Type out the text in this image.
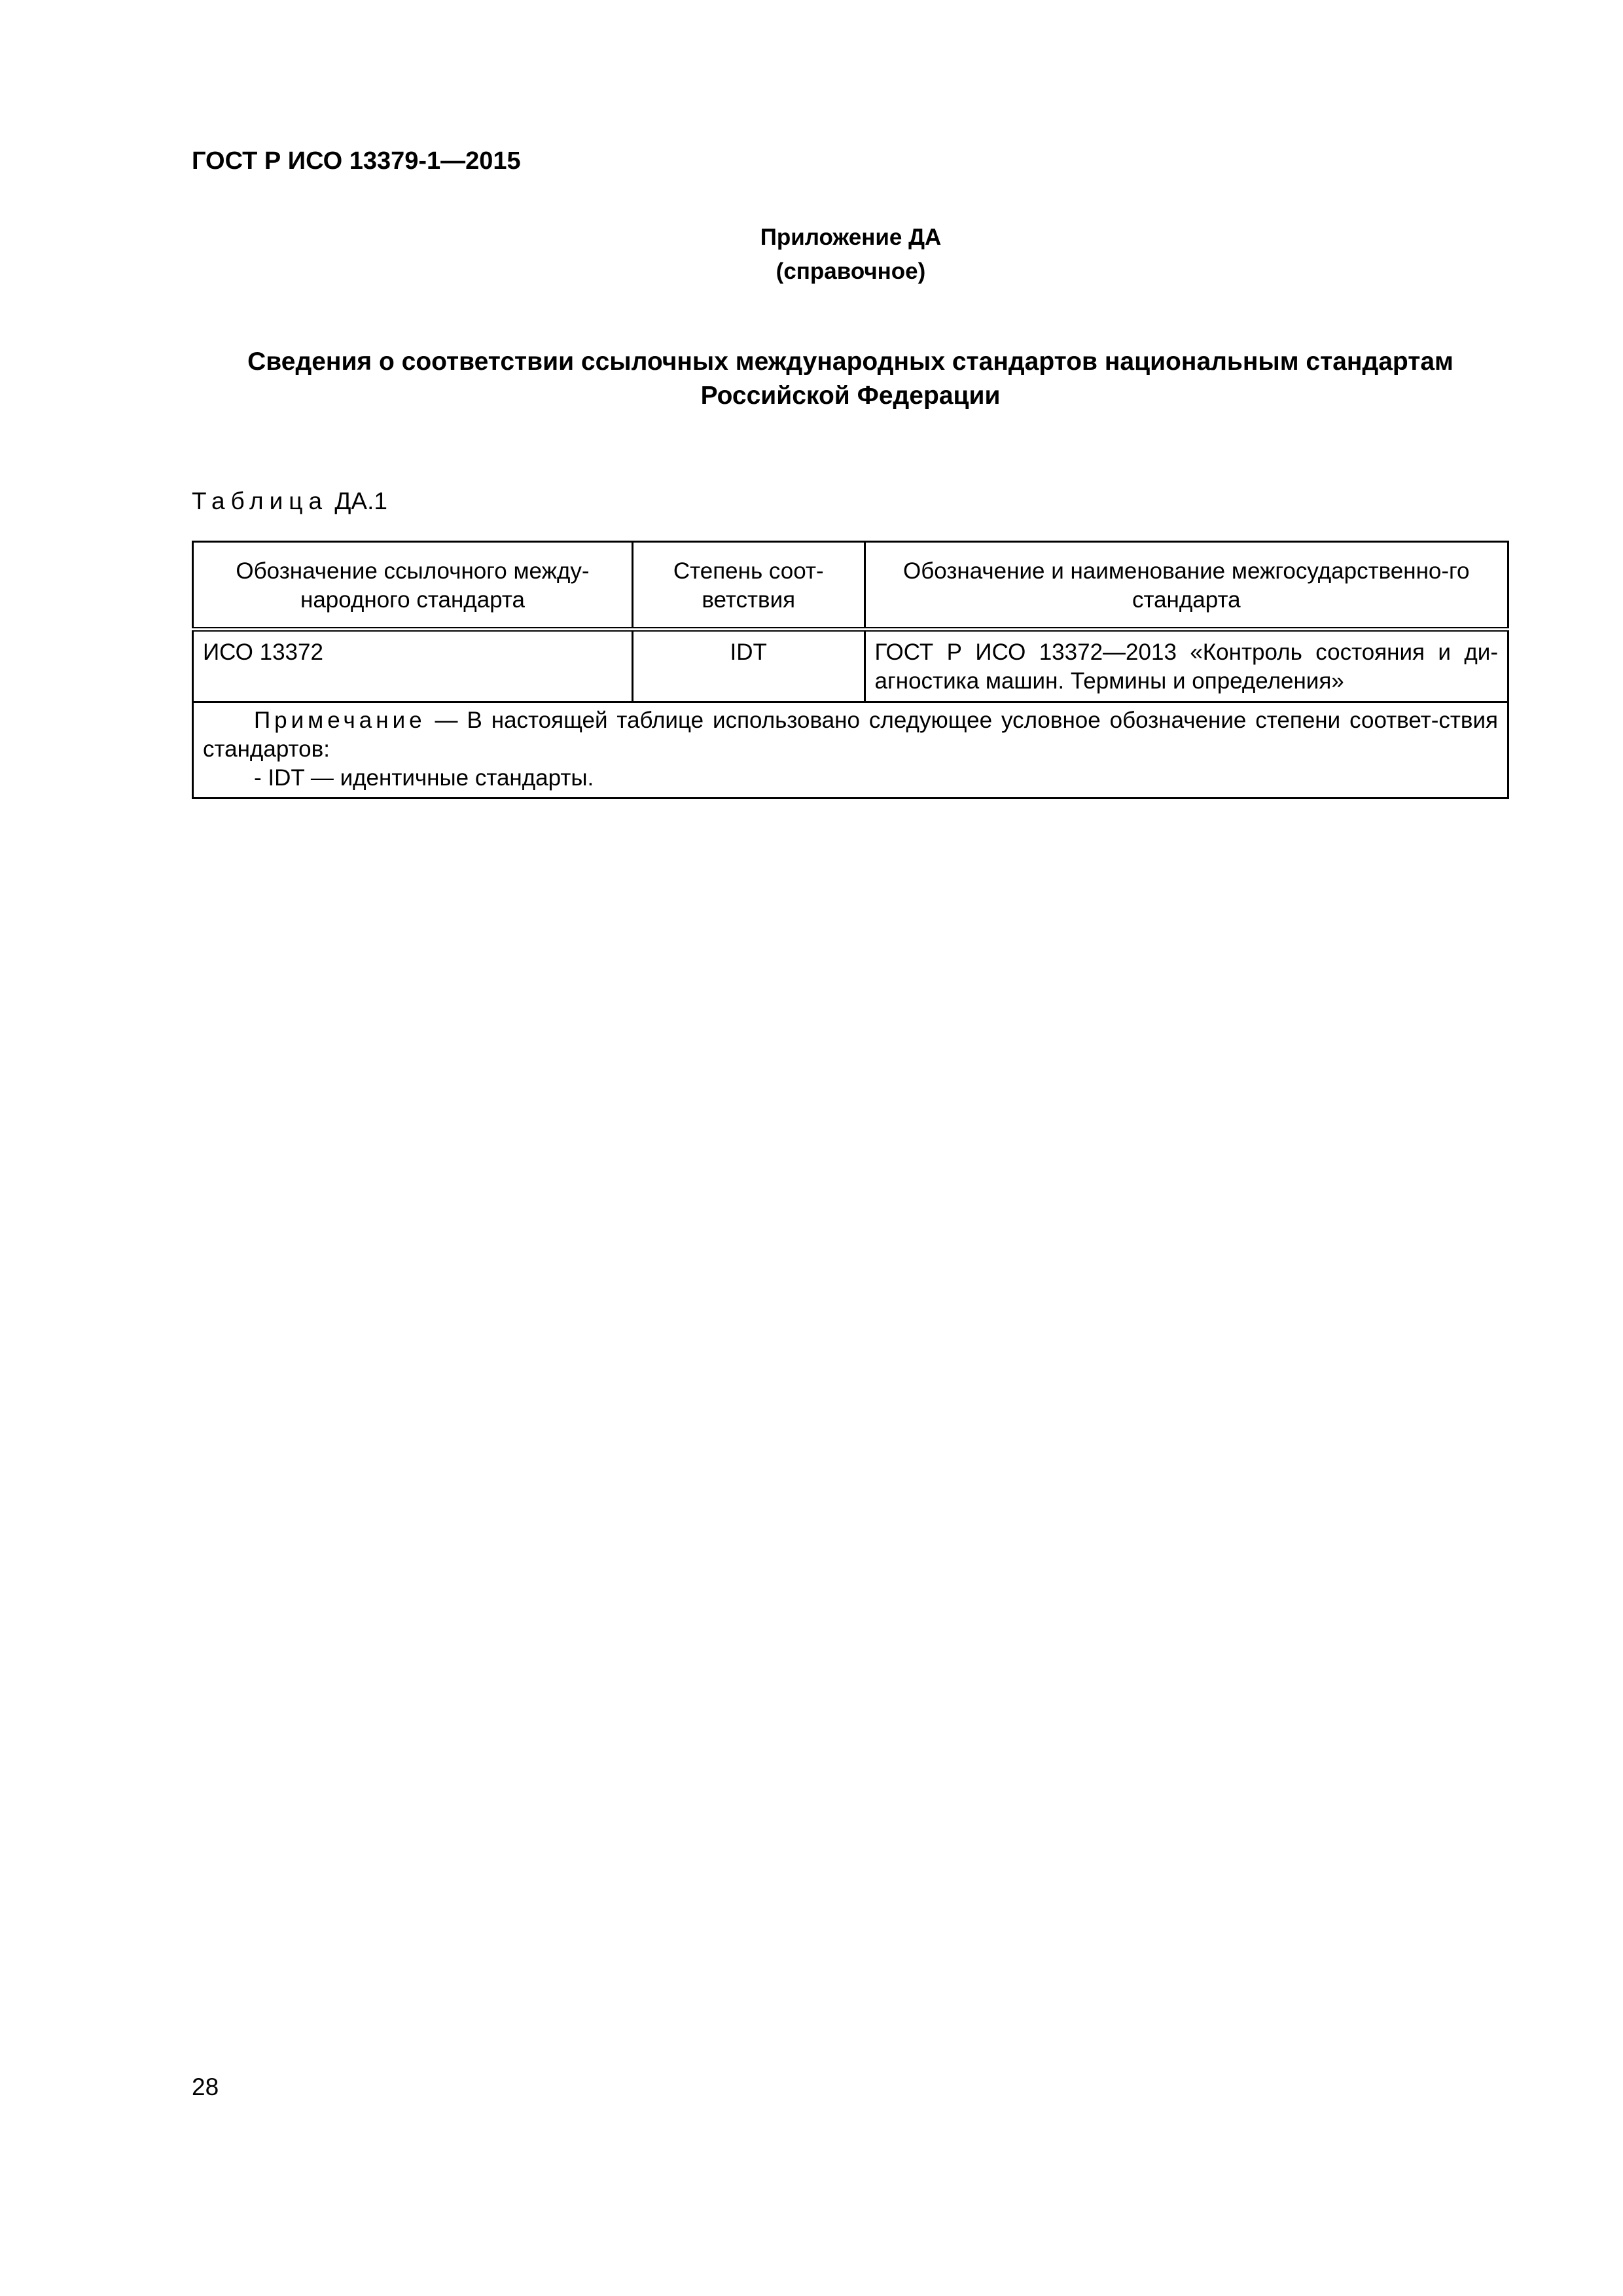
ГОСТ Р ИСО 13379-1—2015
Приложение ДА
(справочное)
Сведения о соответствии ссылочных международных стандартов национальным стандартам
Российской Федерации
Таблица ДА.1
Обозначение ссылочного между-народного стандарта	Степень соот-ветствия	Обозначение и наименование межгосударственно-го стандарта
ИСО 13372	IDT	ГОСТ Р ИСО 13372—2013 «Контроль состояния и ди-агностика машин. Термины и определения»

Примечание — В настоящей таблице использовано следующее условное обозначение степени соответ-ствия стандартов:
- IDT — идентичные стандарты.		
28
